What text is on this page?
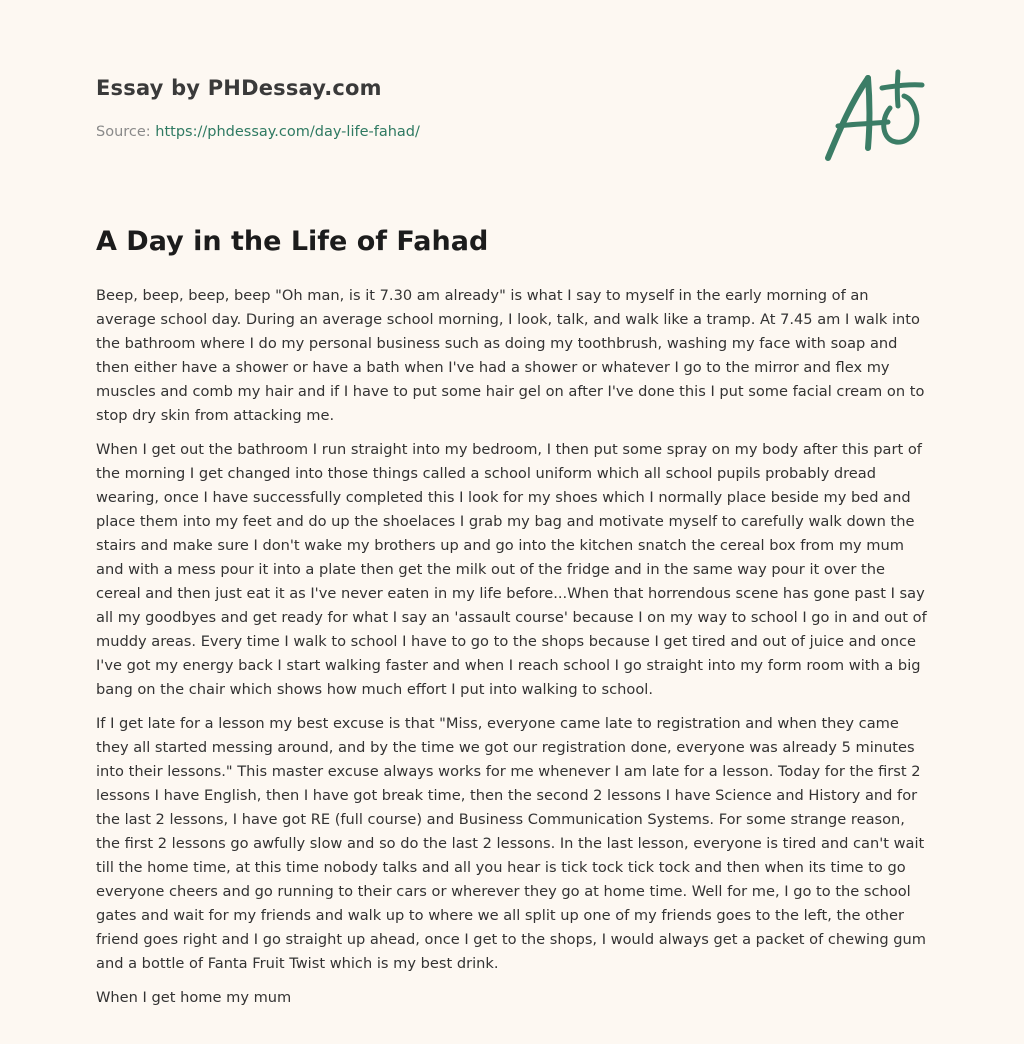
Essay by PHDessay.com

Source: https://phdessay.com/day-life-fahad/

A Day in the Life of Fahad

Beep, beep, beep, beep "Oh man, is it 7.30 am already" is what I say to myself in the early morning of an average school day. During an average school morning, I look, talk, and walk like a tramp. At 7.45 am I walk into the bathroom where I do my personal business such as doing my toothbrush, washing my face with soap and then either have a shower or have a bath when I've had a shower or whatever I go to the mirror and flex my muscles and comb my hair and if I have to put some hair gel on after I've done this I put some facial cream on to stop dry skin from attacking me.

When I get out the bathroom I run straight into my bedroom, I then put some spray on my body after this part of the morning I get changed into those things called a school uniform which all school pupils probably dread wearing, once I have successfully completed this I look for my shoes which I normally place beside my bed and place them into my feet and do up the shoelaces I grab my bag and motivate myself to carefully walk down the stairs and make sure I don't wake my brothers up and go into the kitchen snatch the cereal box from my mum and with a mess pour it into a plate then get the milk out of the fridge and in the same way pour it over the cereal and then just eat it as I've never eaten in my life before...When that horrendous scene has gone past I say all my goodbyes and get ready for what I say an 'assault course' because I on my way to school I go in and out of muddy areas. Every time I walk to school I have to go to the shops because I get tired and out of juice and once I've got my energy back I start walking faster and when I reach school I go straight into my form room with a big bang on the chair which shows how much effort I put into walking to school.

If I get late for a lesson my best excuse is that "Miss, everyone came late to registration and when they came they all started messing around, and by the time we got our registration done, everyone was already 5 minutes into their lessons." This master excuse always works for me whenever I am late for a lesson. Today for the first 2 lessons I have English, then I have got break time, then the second 2 lessons I have Science and History and for the last 2 lessons, I have got RE (full course) and Business Communication Systems. For some strange reason, the first 2 lessons go awfully slow and so do the last 2 lessons. In the last lesson, everyone is tired and can't wait till the home time, at this time nobody talks and all you hear is tick tock tick tock and then when its time to go everyone cheers and go running to their cars or wherever they go at home time. Well for me, I go to the school gates and wait for my friends and walk up to where we all split up one of my friends goes to the left, the other friend goes right and I go straight up ahead, once I get to the shops, I would always get a packet of chewing gum and a bottle of Fanta Fruit Twist which is my best drink.

When I get home my mum
